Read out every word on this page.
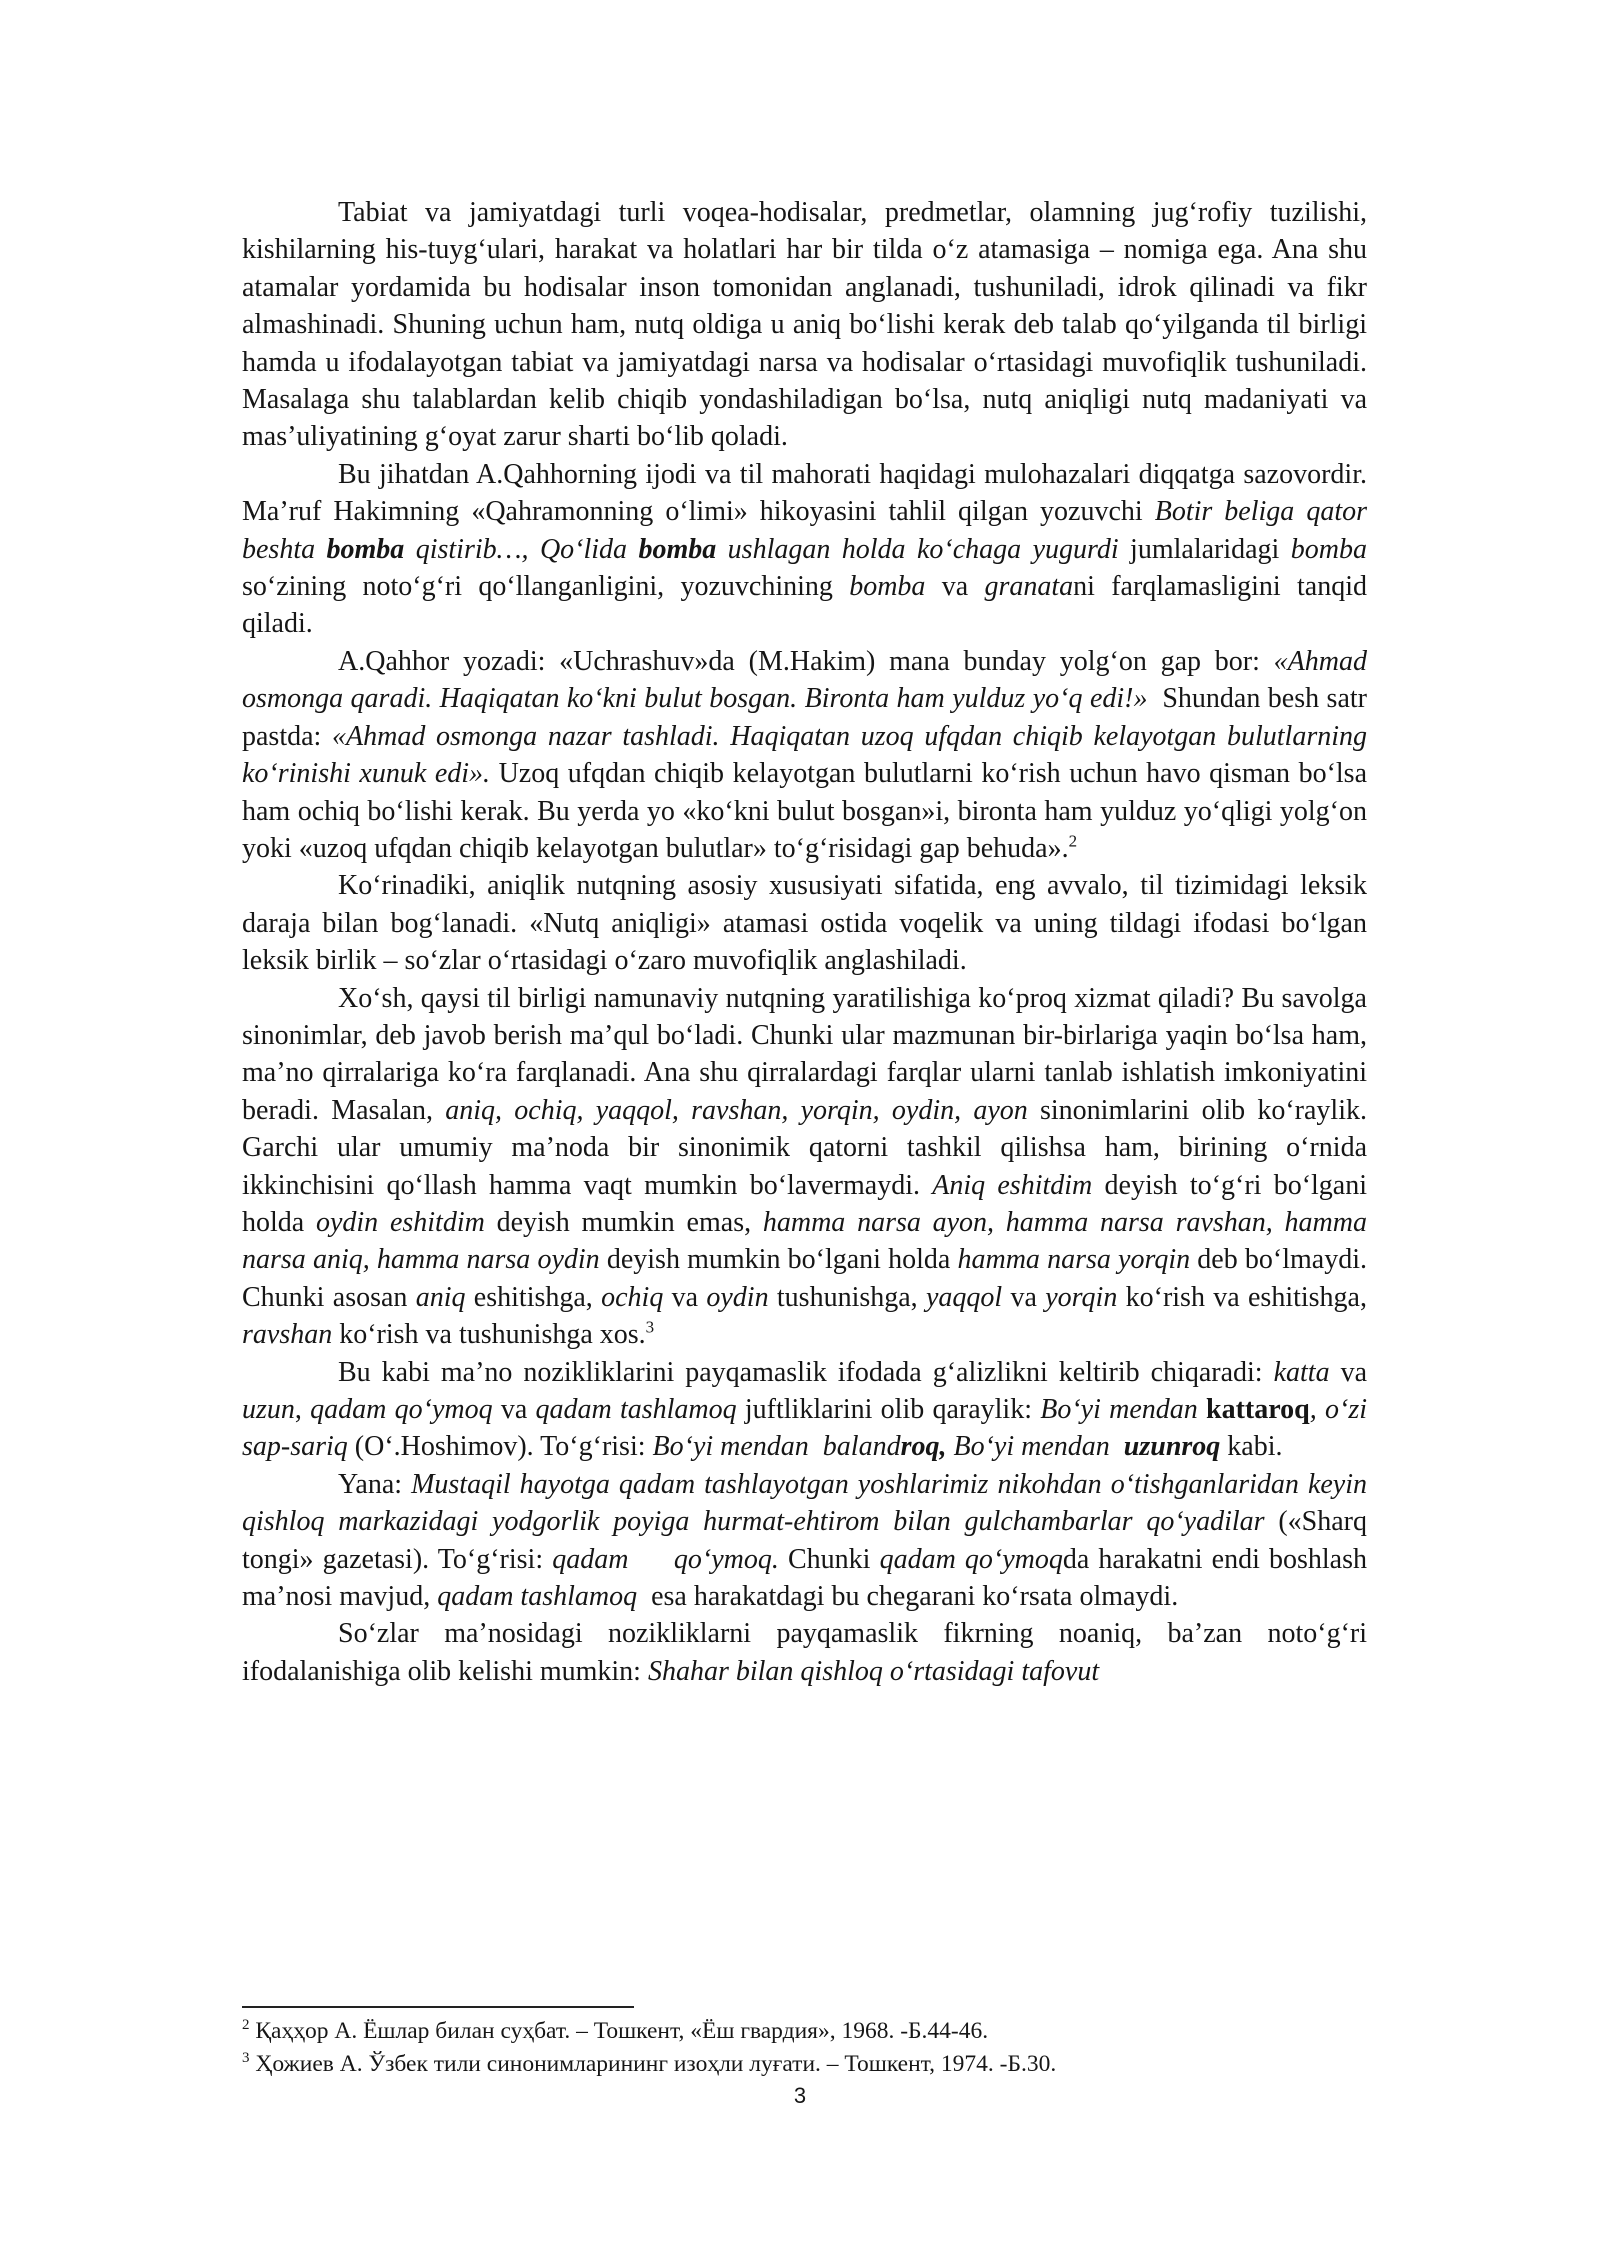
Tabiat va jamiyatdagi turli voqea-hodisalar, predmetlar, olamning jug‘rofiy tuzilishi, kishilarning his-tuyg‘ulari, harakat va holatlari har bir tilda o‘z atamasiga – nomiga ega. Ana shu atamalar yordamida bu hodisalar inson tomonidan anglanadi, tushuniladi, idrok qilinadi va fikr almashinadi. Shuning uchun ham, nutq oldiga u aniq bo‘lishi kerak deb talab qo‘yilganda til birligi hamda u ifodalayotgan tabiat va jamiyatdagi narsa va hodisalar o‘rtasidagi muvofiqlik tushuniladi. Masalaga shu talablardan kelib chiqib yondashiladigan bo‘lsa, nutq aniqligi nutq madaniyati va mas’uliyatining g‘oyat zarur sharti bo‘lib qoladi.

Bu jihatdan A.Qahhorning ijodi va til mahorati haqidagi mulohazalari diqqatga sazovordir. Ma’ruf Hakimning «Qahramonning o‘limi» hikoyasini tahlil qilgan yozuvchi Botir beliga qator beshta bomba qistirib…, Qo‘lida bomba ushlagan holda ko‘chaga yugurdi jumlalaridagi bomba so‘zining noto‘g‘ri qo‘llanganligini, yozuvchining bomba va granatani farqlamasligini tanqid qiladi.

A.Qahhor yozadi: «Uchrashuv»da (M.Hakim) mana bunday yolg‘on gap bor: «Ahmad osmonga qaradi. Haqiqatan ko‘kni bulut bosgan. Bironta ham yulduz yo‘q edi!»  Shundan besh satr pastda: «Ahmad osmonga nazar tashladi. Haqiqatan uzoq ufqdan chiqib kelayotgan bulutlarning ko‘rinishi xunuk edi». Uzoq ufqdan chiqib kelayotgan bulutlarni ko‘rish uchun havo qisman bo‘lsa ham ochiq bo‘lishi kerak. Bu yerda yo «ko‘kni bulut bosgan»i, bironta ham yulduz yo‘qligi yolg‘on yoki «uzoq ufqdan chiqib kelayotgan bulutlar» to‘g‘risidagi gap behuda».$^2$

Ko‘rinadiki, aniqlik nutqning asosiy xususiyati sifatida, eng avvalo, til tizimidagi leksik daraja bilan bog‘lanadi. «Nutq aniqligi» atamasi ostida voqelik va uning tildagi ifodasi bo‘lgan leksik birlik – so‘zlar o‘rtasidagi o‘zaro muvofiqlik anglashiladi.

Xo‘sh, qaysi til birligi namunaviy nutqning yaratilishiga ko‘proq xizmat qiladi? Bu savolga sinonimlar, deb javob berish ma’qul bo‘ladi. Chunki ular mazmunan bir-birlariga yaqin bo‘lsa ham, ma’no qirralariga ko‘ra farqlanadi. Ana shu qirralardagi farqlar ularni tanlab ishlatish imkoniyatini beradi. Masalan, aniq, ochiq, yaqqol, ravshan, yorqin, oydin, ayon sinonimlarini olib ko‘raylik. Garchi ular umumiy ma’noda bir sinonimik qatorni tashkil qilishsa ham, birining o‘rnida ikkinchisini qo‘llash hamma vaqt mumkin bo‘lavermaydi. Aniq eshitdim deyish to‘g‘ri bo‘lgani holda oydin eshitdim deyish mumkin emas, hamma narsa ayon, hamma narsa ravshan, hamma narsa aniq, hamma narsa oydin deyish mumkin bo‘lgani holda hamma narsa yorqin deb bo‘lmaydi. Chunki asosan aniq eshitishga, ochiq va oydin tushunishga, yaqqol va yorqin ko‘rish va eshitishga, ravshan ko‘rish va tushunishga xos.$^3$

Bu kabi ma’no nozikliklarini payqamaslik ifodada g‘alizlikni keltirib chiqaradi: katta va uzun, qadam qo‘ymoq va qadam tashlamoq juftliklarini olib qaraylik: Bo‘yi mendan kattaroq, o‘zi sap-sariq (O‘.Hoshimov). To‘g‘risi: Bo‘yi mendan  balandroq, Bo‘yi mendan  uzunroq kabi.

Yana: Mustaqil hayotga qadam tashlayotgan yoshlarimiz nikohdan o‘tishganlaridan keyin qishloq markazidagi yodgorlik poyiga hurmat-ehtirom bilan gulchambarlar qo‘yadilar («Sharq tongi» gazetasi). To‘g‘risi: qadam     qo‘ymoq. Chunki qadam qo‘ymoqda harakatni endi boshlash ma’nosi mavjud, qadam tashlamoq  esa harakatdagi bu chegarani ko‘rsata olmaydi.

So‘zlar ma’nosidagi nozikliklarni payqamaslik fikrning noaniq, ba’zan noto‘g‘ri ifodalanishiga olib kelishi mumkin: Shahar bilan qishloq o‘rtasidagi tafovut

$^2$ Қаҳҳор А. Ёшлар билан суҳбат. – Тошкент, «Ёш гвардия», 1968. -Б.44-46.

$^3$ Ҳожиев А. Ўзбек тили синонимларининг изоҳли луғати. – Тошкент, 1974. -Б.30.

3
